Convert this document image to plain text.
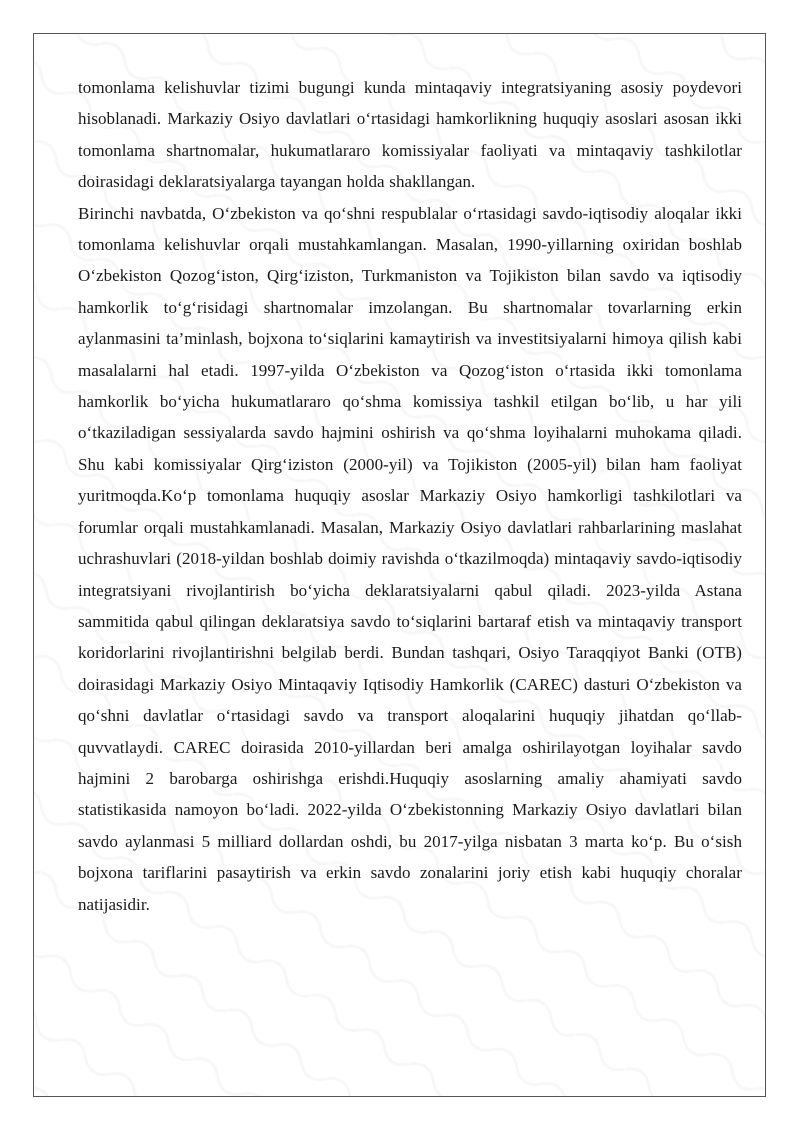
tomonlama kelishuvlar tizimi bugungi kunda mintaqaviy integratsiyaning asosiy poydevori hisoblanadi. Markaziy Osiyo davlatlari o‘rtasidagi hamkorlikning huquqiy asoslari asosan ikki tomonlama shartnomalar, hukumatlararo komissiyalar faoliyati va mintaqaviy tashkilotlar doirasidagi deklaratsiyalarga tayangan holda shakllangan.

Birinchi navbatda, O‘zbekiston va qo‘shni respublalar o‘rtasidagi savdo-iqtisodiy aloqalar ikki tomonlama kelishuvlar orqali mustahkamlangan. Masalan, 1990-yillarning oxiridan boshlab O‘zbekiston Qozog‘iston, Qirg‘iziston, Turkmaniston va Tojikiston bilan savdo va iqtisodiy hamkorlik to‘g‘risidagi shartnomalar imzolangan. Bu shartnomalar tovarlarning erkin aylanmasini ta’minlash, bojxona to‘siqlarini kamaytirish va investitsiyalarni himoya qilish kabi masalalarni hal etadi. 1997-yilda O‘zbekiston va Qozog‘iston o‘rtasida ikki tomonlama hamkorlik bo‘yicha hukumatlararo qo‘shma komissiya tashkil etilgan bo‘lib, u har yili o‘tkaziladigan sessiyalarda savdo hajmini oshirish va qo‘shma loyihalarni muhokama qiladi. Shu kabi komissiyalar Qirg‘iziston (2000-yil) va Tojikiston (2005-yil) bilan ham faoliyat yuritmoqda.Ko‘p tomonlama huquqiy asoslar Markaziy Osiyo hamkorligi tashkilotlari va forumlar orqali mustahkamlanadi. Masalan, Markaziy Osiyo davlatlari rahbarlarining maslahat uchrashuvlari (2018-yildan boshlab doimiy ravishda o‘tkazilmoqda) mintaqaviy savdo-iqtisodiy integratsiyani rivojlantirish bo‘yicha deklaratsiyalarni qabul qiladi. 2023-yilda Astana sammitida qabul qilingan deklaratsiya savdo to‘siqlarini bartaraf etish va mintaqaviy transport koridorlarini rivojlantirishni belgilab berdi. Bundan tashqari, Osiyo Taraqqiyot Banki (OTB) doirasidagi Markaziy Osiyo Mintaqaviy Iqtisodiy Hamkorlik (CAREC) dasturi O‘zbekiston va qo‘shni davlatlar o‘rtasidagi savdo va transport aloqalarini huquqiy jihatdan qo‘llab-quvvatlaydi. CAREC doirasida 2010-yillardan beri amalga oshirilayotgan loyihalar savdo hajmini 2 barobarga oshirishga erishdi.Huquqiy asoslarning amaliy ahamiyati savdo statistikasida namoyon bo‘ladi. 2022-yilda O‘zbekistonning Markaziy Osiyo davlatlari bilan savdo aylanmasi 5 milliard dollardan oshdi, bu 2017-yilga nisbatan 3 marta ko‘p. Bu o‘sish bojxona tariflarini pasaytirish va erkin savdo zonalarini joriy etish kabi huquqiy choralar natijasidir.
